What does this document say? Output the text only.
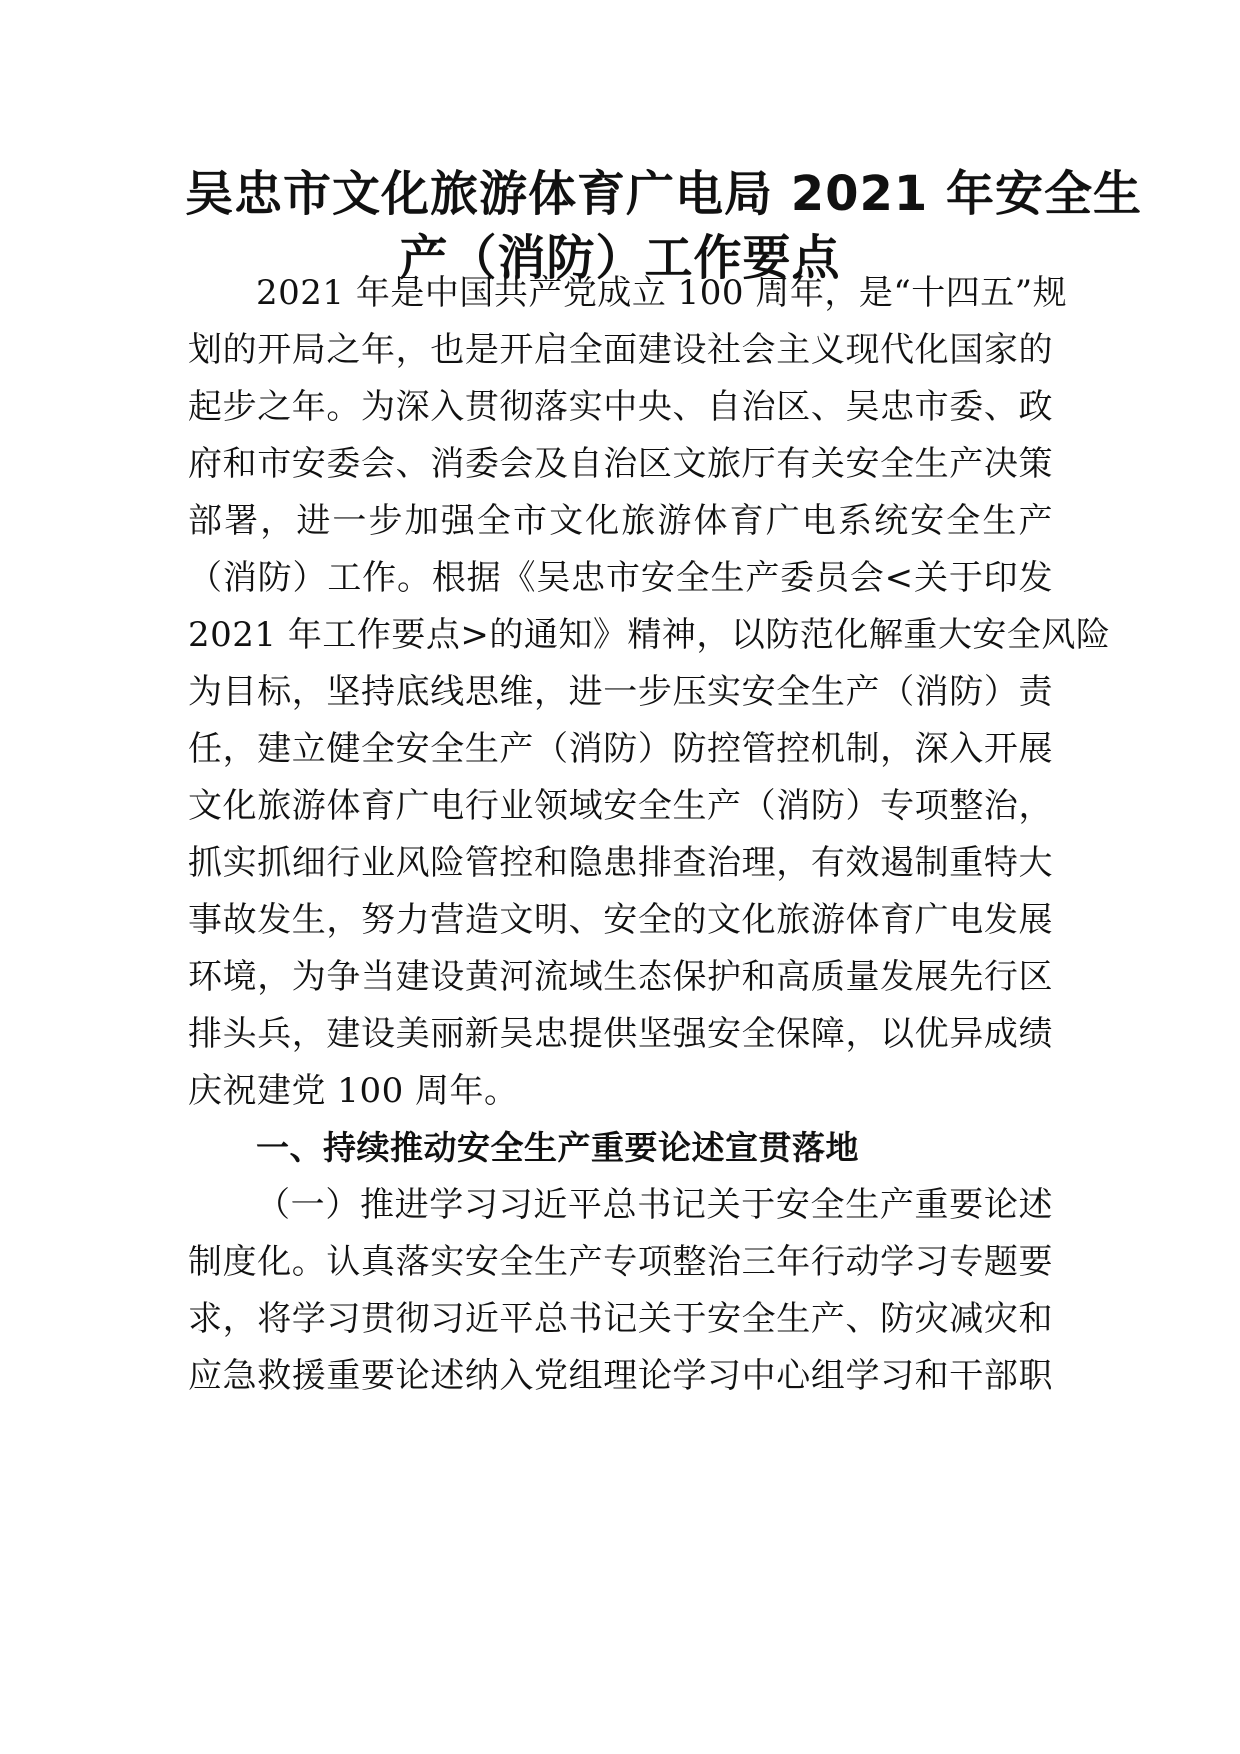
吴忠市文化旅游体育广电局 2021 年安全生
产（消防）工作要点
2021 年是中国共产党成立 100 周年，是“十四五”规
划的开局之年，也是开启全面建设社会主义现代化国家的
起步之年。为深入贯彻落实中央、自治区、吴忠市委、政
府和市安委会、消委会及自治区文旅厅有关安全生产决策
部署，进一步加强全市文化旅游体育广电系统安全生产
（消防）工作。根据《吴忠市安全生产委员会<关于印发
2021 年工作要点>的通知》精神，以防范化解重大安全风险
为目标，坚持底线思维，进一步压实安全生产（消防）责
任，建立健全安全生产（消防）防控管控机制，深入开展
文化旅游体育广电行业领域安全生产（消防）专项整治，
抓实抓细行业风险管控和隐患排查治理，有效遏制重特大
事故发生，努力营造文明、安全的文化旅游体育广电发展
环境，为争当建设黄河流域生态保护和高质量发展先行区
排头兵，建设美丽新吴忠提供坚强安全保障，以优异成绩
庆祝建党 100 周年。
一、持续推动安全生产重要论述宣贯落地
（一）推进学习习近平总书记关于安全生产重要论述
制度化。认真落实安全生产专项整治三年行动学习专题要
求，将学习贯彻习近平总书记关于安全生产、防灾减灾和
应急救援重要论述纳入党组理论学习中心组学习和干部职
